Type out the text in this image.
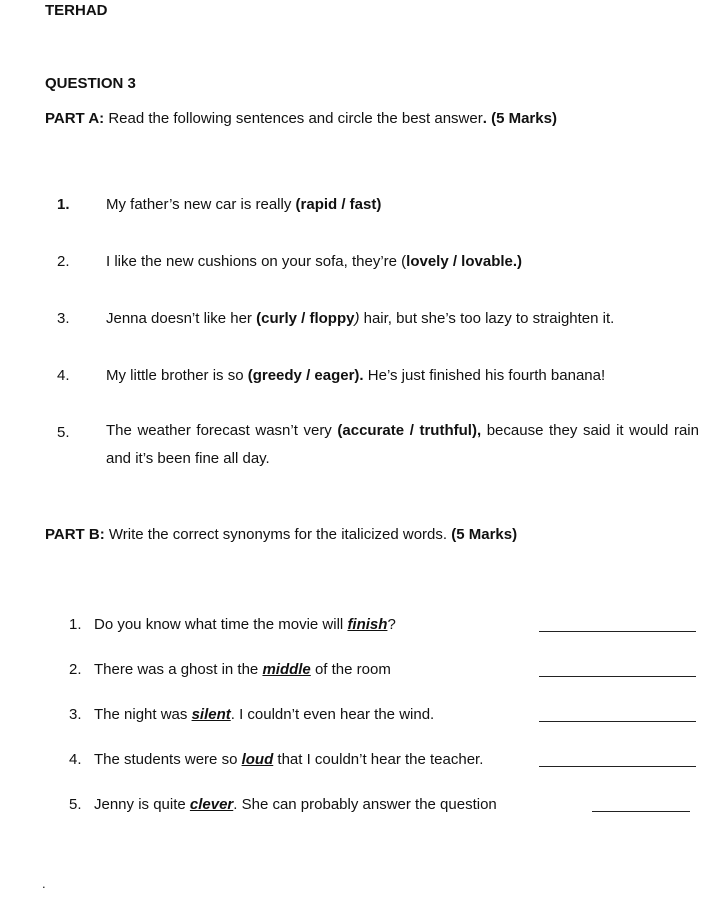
TERHAD
QUESTION 3
PART A: Read the following sentences and circle the best answer. (5 Marks)
1. My father’s new car is really (rapid / fast)
2. I like the new cushions on your sofa, they’re (lovely / lovable.)
3. Jenna doesn’t like her (curly / floppy) hair, but she’s too lazy to straighten it.
4. My little brother is so (greedy / eager). He’s just finished his fourth banana!
5. The weather forecast wasn’t very (accurate / truthful), because they said it would rain and it’s been fine all day.
PART B: Write the correct synonyms for the italicized words. (5 Marks)
1. Do you know what time the movie will finish?
2. There was a ghost in the middle of the room
3. The night was silent. I couldn’t even hear the wind.
4. The students were so loud that I couldn’t hear the teacher.
5. Jenny is quite clever. She can probably answer the question
.
